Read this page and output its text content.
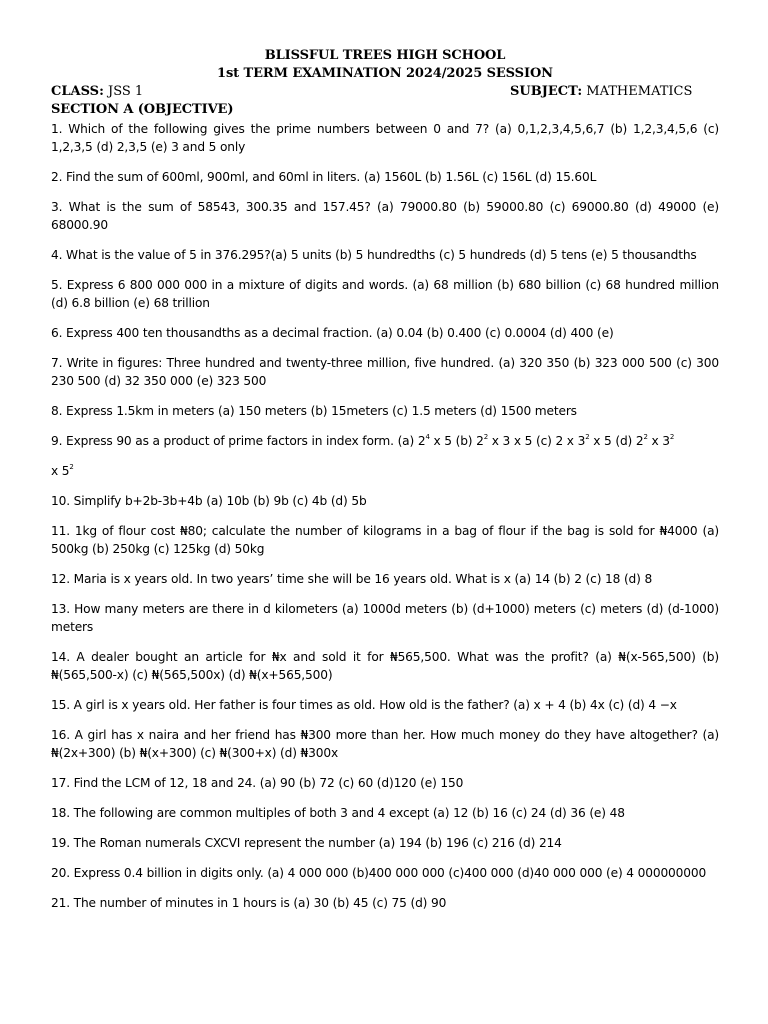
BLISSFUL TREES HIGH SCHOOL
1st TERM EXAMINATION 2024/2025 SESSION
CLASS: JSS 1	SUBJECT: MATHEMATICS
SECTION A (OBJECTIVE)

1. Which of the following gives the prime numbers between 0 and 7? (a) 0,1,2,3,4,5,6,7 (b) 1,2,3,4,5,6 (c) 1,2,3,5 (d) 2,3,5 (e) 3 and 5 only

2. Find the sum of 600ml, 900ml, and 60ml in liters. (a) 1560L (b) 1.56L (c) 156L (d) 15.60L

3. What is the sum of 58543, 300.35 and 157.45? (a) 79000.80 (b) 59000.80 (c) 69000.80 (d) 49000 (e) 68000.90

4. What is the value of 5 in 376.295?(a) 5 units (b) 5 hundredths (c) 5 hundreds (d) 5 tens (e) 5 thousandths

5. Express 6 800 000 000 in a mixture of digits and words. (a) 68 million (b) 680 billion (c) 68 hundred million (d) 6.8 billion (e) 68 trillion

6. Express 400 ten thousandths as a decimal fraction. (a) 0.04 (b) 0.400 (c) 0.0004 (d) 400 (e)

7. Write in figures: Three hundred and twenty-three million, five hundred. (a) 320 350 (b) 323 000 500 (c) 300 230 500 (d) 32 350 000 (e) 323 500

8. Express 1.5km in meters (a) 150 meters (b) 15meters (c) 1.5 meters (d) 1500 meters

9. Express 90 as a product of prime factors in index form. (a) $2^4$ x 5 (b) $2^2$ x 3 x 5 (c) 2 x $3^2$ x 5 (d) $2^2$ x $3^2$

x $5^2$

10. Simplify b+2b-3b+4b (a) 10b (b) 9b (c) 4b (d) 5b

11. 1kg of flour cost ₦80; calculate the number of kilograms in a bag of flour if the bag is sold for ₦4000 (a) 500kg (b) 250kg (c) 125kg (d) 50kg

12. Maria is x years old. In two years’ time she will be 16 years old. What is x (a) 14 (b) 2 (c) 18 (d) 8

13. How many meters are there in d kilometers (a) 1000d meters (b) (d+1000) meters (c) meters (d) (d-1000) meters

14. A dealer bought an article for ₦x and sold it for ₦565,500. What was the profit? (a) ₦(x-565,500) (b) ₦(565,500-x) (c) ₦(565,500x) (d) ₦(x+565,500)

15. A girl is x years old. Her father is four times as old. How old is the father? (a) x + 4 (b) 4x (c) (d) 4 −x

16. A girl has x naira and her friend has ₦300 more than her. How much money do they have altogether? (a) ₦(2x+300) (b) ₦(x+300) (c) ₦(300+x) (d) ₦300x

17. Find the LCM of 12, 18 and 24. (a) 90 (b) 72 (c) 60 (d)120 (e) 150

18. The following are common multiples of both 3 and 4 except (a) 12 (b) 16 (c) 24 (d) 36 (e) 48

19. The Roman numerals CXCVI represent the number (a) 194 (b) 196 (c) 216 (d) 214

20. Express 0.4 billion in digits only. (a) 4 000 000 (b)400 000 000 (c)400 000 (d)40 000 000 (e) 4 000000000

21. The number of minutes in 1 hours is (a) 30 (b) 45 (c) 75 (d) 90
